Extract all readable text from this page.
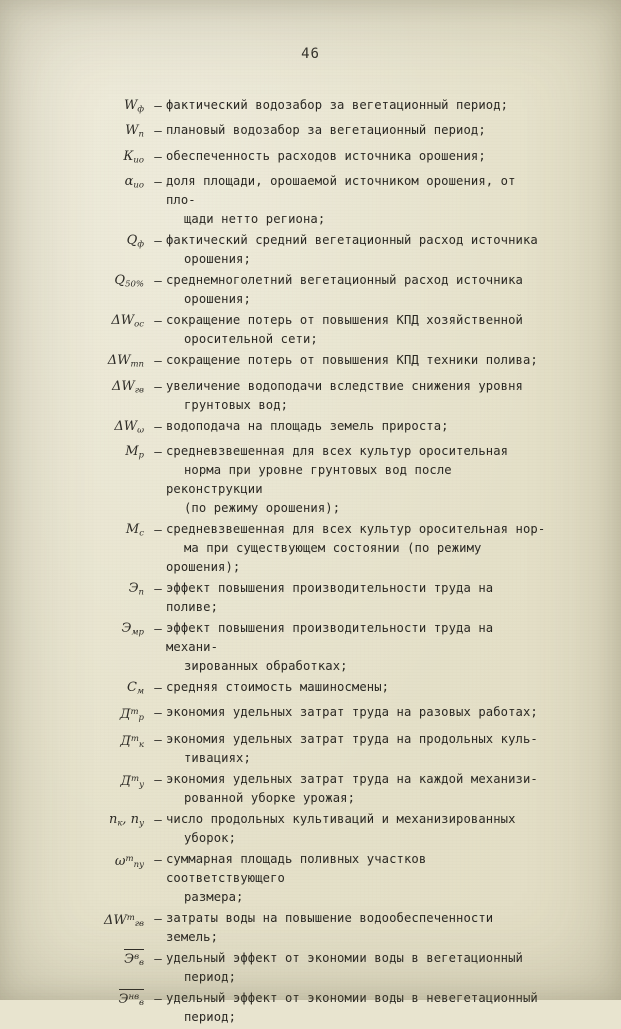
46
$W_ф$ – фактический водозабор за вегетационный период;
$W_п$ – плановый водозабор за вегетационный период;
$К_{ио}$ – обеспеченность расходов источника орошения;
$\alpha_{ио}$ – доля площади, орошаемой источником орошения, от пло-
щади нетто региона;
$Q_ф$ – фактический средний вегетационный расход источника
орошения;
$Q_{50\%}$ – среднемноголетний вегетационный расход источника
орошения;
$\Delta W_{ос}$ – сокращение потерь от повышения КПД хозяйственной
оросительной сети;
$\Delta W_{тп}$ – сокращение потерь от повышения КПД техники полива;
$\Delta W_{гв}$ – увеличение водоподачи вследствие снижения уровня
грунтовых вод;
$\Delta W_\omega$ – водоподача на площадь земель прироста;
$М_р$ – средневзвешенная для всех культур оросительная
норма при уровне грунтовых вод после реконструкции
(по режиму орошения);
$М_с$ – средневзвешенная для всех культур оросительная нор-
ма при существующем состоянии (по режиму орошения);
$Э_п$ – эффект повышения производительности труда на поливе;
$Э_{мр}$ – эффект повышения производительности труда на механи-
зированных обработках;
$С_м$ – средняя стоимость машиносмены;
$Д^т_р$ – экономия удельных затрат труда на разовых работах;
$Д^т_к$ – экономия удельных затрат труда на продольных куль-
тивациях;
$Д^т_у$ – экономия удельных затрат труда на каждой механизи-
рованной уборке урожая;
$n_к$, $n_у$ – число продольных культиваций и механизированных
уборок;
$\omega^т_{пу}$ – суммарная площадь поливных участков соответствующего
размера;
$\Delta W^т_{гв}$ – затраты воды на повышение водообеспеченности земель;
$Э^в_в$ – удельный эффект от экономии воды в вегетационный
период;
$Э^{нв}_в$ – удельный эффект от экономии воды в невегетационный
период;
